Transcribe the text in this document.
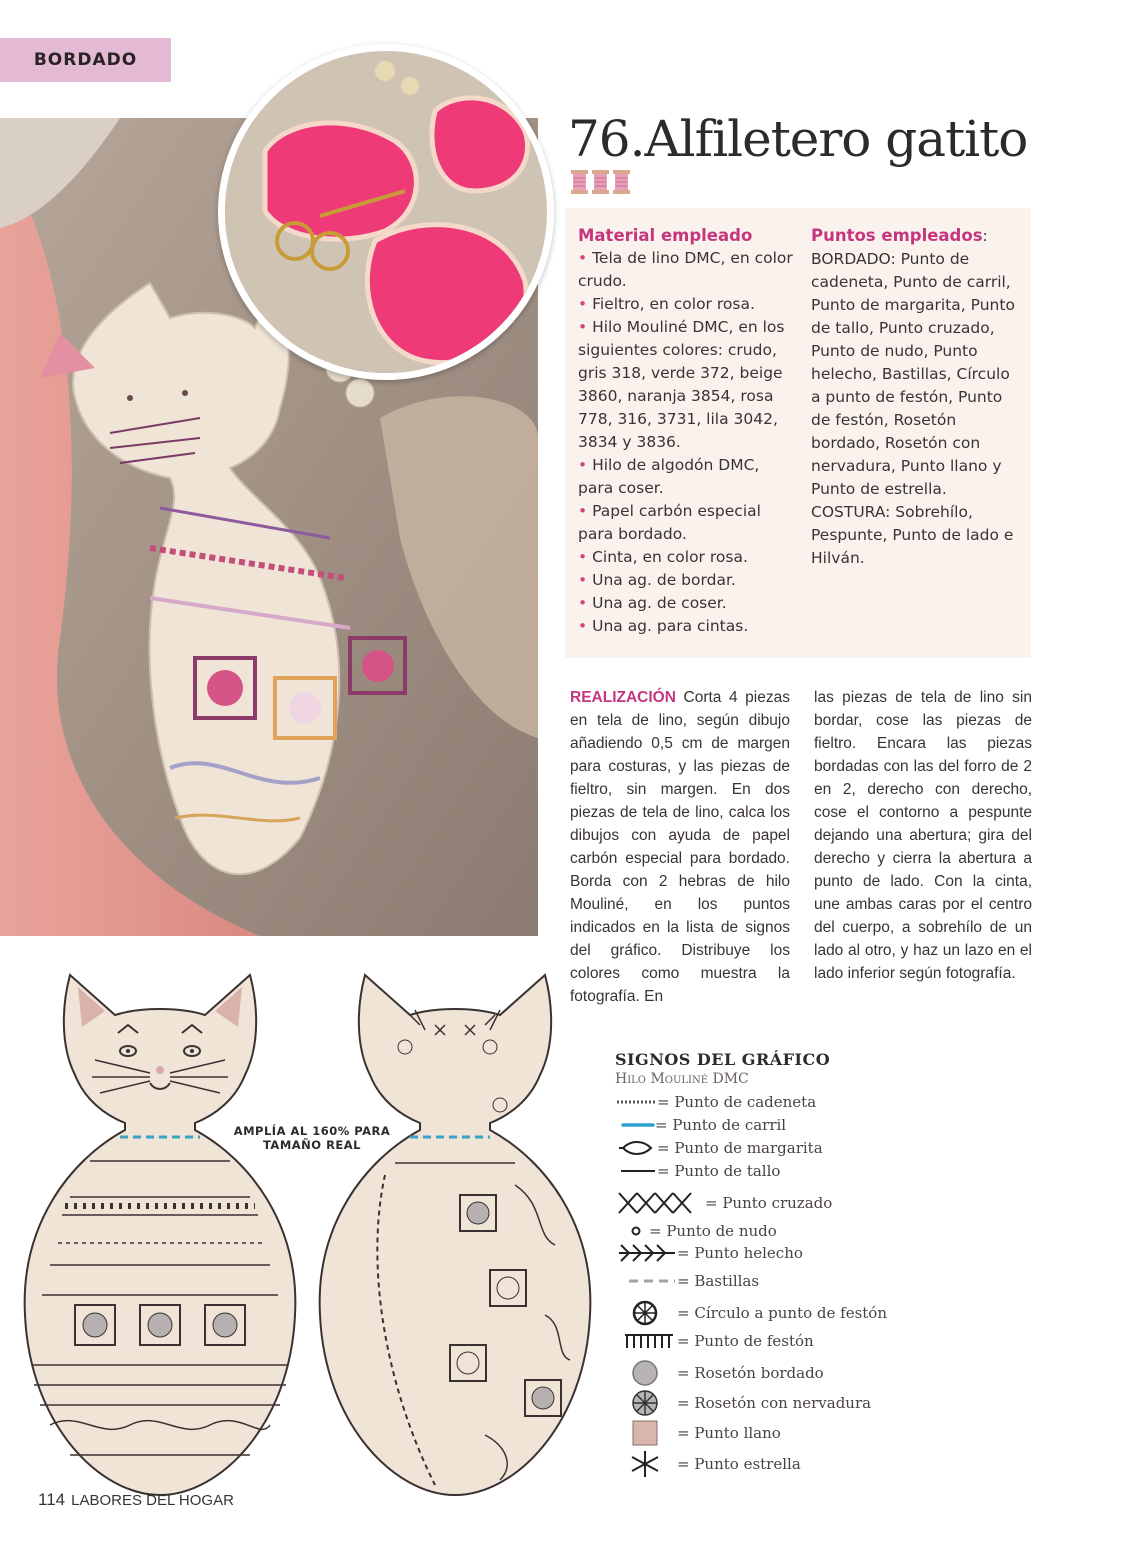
BORDADO
76.Alfiletero gatito
Material empleado
• Tela de lino DMC, en color crudo.
• Fieltro, en color rosa.
• Hilo Mouliné DMC, en los siguientes colores: crudo, gris 318, verde 372, beige 3860, naranja 3854, rosa 778, 316, 3731, lila 3042, 3834 y 3836.
• Hilo de algodón DMC, para coser.
• Papel carbón especial para bordado.
• Cinta, en color rosa.
• Una ag. de bordar.
• Una ag. de coser.
• Una ag. para cintas.
Puntos empleados:
BORDADO: Punto de cadeneta, Punto de carril, Punto de margarita, Punto de tallo, Punto cruzado, Punto de nudo, Punto helecho, Bastillas, Círculo a punto de festón, Punto de festón, Rosetón bordado, Rosetón con nervadura, Punto llano y Punto de estrella. COSTURA: Sobrehílo, Pespunte, Punto de lado e Hilván.
REALIZACIÓN Corta 4 piezas en tela de lino, según dibujo añadiendo 0,5 cm de margen para costuras, y las piezas de fieltro, sin margen. En dos piezas de tela de lino, calca los dibujos con ayuda de papel carbón especial para bordado. Borda con 2 hebras de hilo Mouliné, en los puntos indicados en la lista de signos del gráfico. Distribuye los colores como muestra la fotografía. En
las piezas de tela de lino sin bordar, cose las piezas de fieltro. Encara las piezas bordadas con las del forro de 2 en 2, derecho con derecho, cose el contorno a pespunte dejando una abertura; gira del derecho y cierra la abertura a punto de lado. Con la cinta, une ambas caras por el centro del cuerpo, a sobrehílo de un lado al otro, y haz un lazo en el lado inferior según fotografía.
AMPLÍA AL 160% PARA TAMAÑO REAL
SIGNOS DEL GRÁFICO
Hilo Mouliné DMC
= Punto de cadeneta
= Punto de carril
= Punto de margarita
= Punto de tallo
= Punto cruzado
= Punto de nudo
= Punto helecho
= Bastillas
= Círculo a punto de festón
= Punto de festón
= Rosetón bordado
= Rosetón con nervadura
= Punto llano
= Punto estrella
114 LABORES DEL HOGAR
